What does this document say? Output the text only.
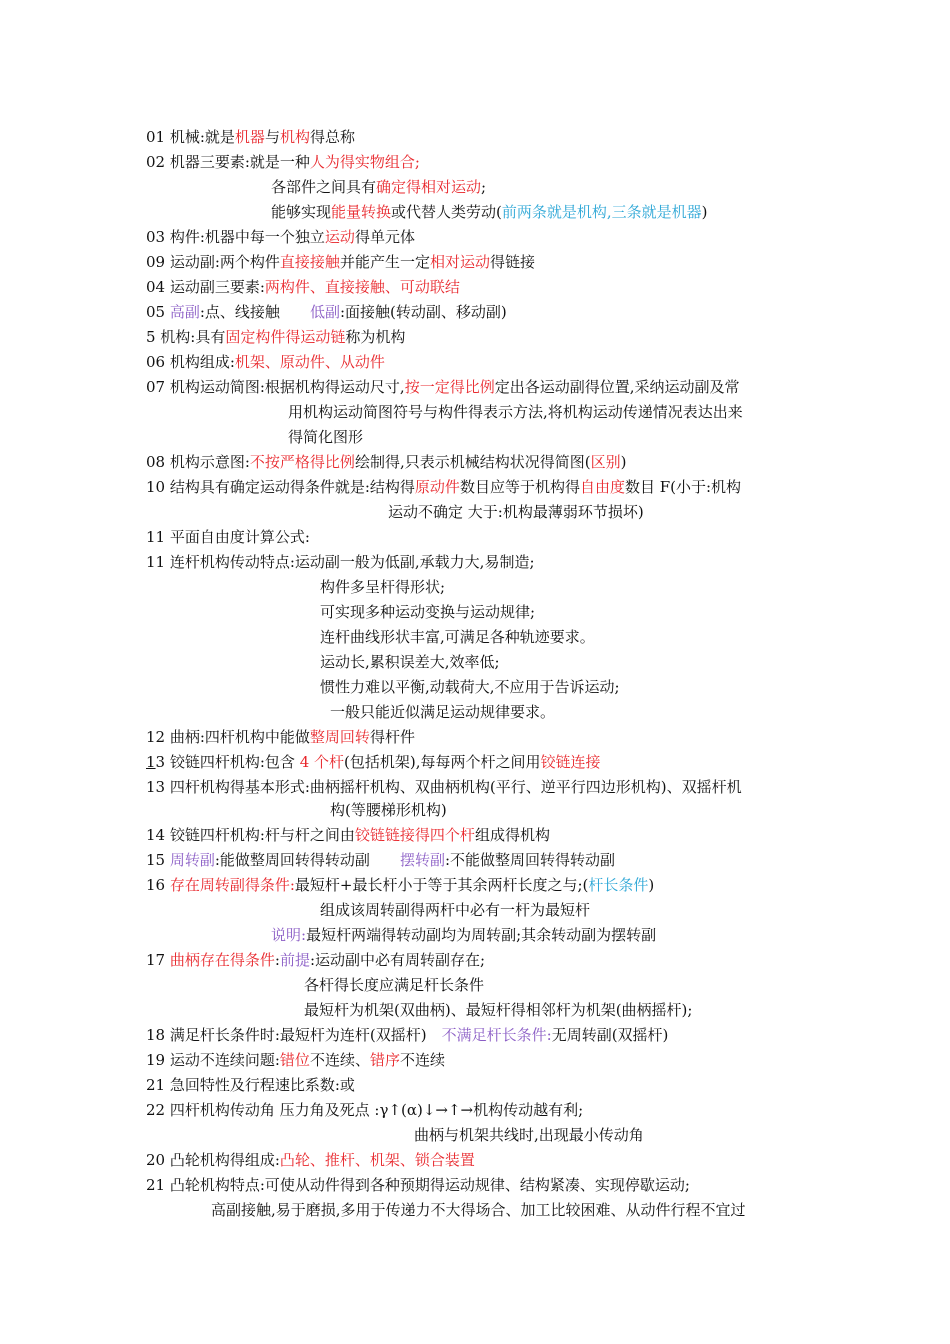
01 机械:就是机器与机构得总称
02 机器三要素:就是一种人为得实物组合;
各部件之间具有确定得相对运动;
能够实现能量转换或代替人类劳动(前两条就是机构,三条就是机器)
03 构件:机器中每一个独立运动得单元体
09 运动副:两个构件直接接触并能产生一定相对运动得链接
04 运动副三要素:两构件、直接接触、可动联结
05 高副:点、线接触　　低副:面接触(转动副、移动副)
5 机构:具有固定构件得运动链称为机构
06 机构组成:机架、原动件、从动件
07 机构运动简图:根据机构得运动尺寸,按一定得比例定出各运动副得位置,采纳运动副及常
用机构运动简图符号与构件得表示方法,将机构运动传递情况表达出来
得简化图形
08 机构示意图:不按严格得比例绘制得,只表示机械结构状况得简图(区别)
10 结构具有确定运动得条件就是:结构得原动件数目应等于机构得自由度数目 F(小于:机构
运动不确定 大于:机构最薄弱环节损坏)
11 平面自由度计算公式:
11 连杆机构传动特点:运动副一般为低副,承载力大,易制造;
构件多呈杆得形状;
可实现多种运动变换与运动规律;
连杆曲线形状丰富,可满足各种轨迹要求。
运动长,累积误差大,效率低;
惯性力难以平衡,动载荷大,不应用于告诉运动;
一般只能近似满足运动规律要求。
12 曲柄:四杆机构中能做整周回转得杆件
13 铰链四杆机构:包含 4 个杆(包括机架),每每两个杆之间用铰链连接
13 四杆机构得基本形式:曲柄摇杆机构、双曲柄机构(平行、逆平行四边形机构)、双摇杆机
构(等腰梯形机构)
14 铰链四杆机构:杆与杆之间由铰链链接得四个杆组成得机构
15 周转副:能做整周回转得转动副　　摆转副:不能做整周回转得转动副
16 存在周转副得条件:最短杆+最长杆小于等于其余两杆长度之与;(杆长条件)
组成该周转副得两杆中必有一杆为最短杆
说明:最短杆两端得转动副均为周转副;其余转动副为摆转副
17 曲柄存在得条件:前提:运动副中必有周转副存在;
各杆得长度应满足杆长条件
最短杆为机架(双曲柄)、最短杆得相邻杆为机架(曲柄摇杆);
18 满足杆长条件时:最短杆为连杆(双摇杆)　不满足杆长条件:无周转副(双摇杆)
19 运动不连续问题:错位不连续、错序不连续
21 急回特性及行程速比系数:或
22 四杆机构传动角 压力角及死点 :γ↑(α)↓→↑→机构传动越有利;
曲柄与机架共线时,出现最小传动角
20 凸轮机构得组成:凸轮、推杆、机架、锁合装置
21 凸轮机构特点:可使从动件得到各种预期得运动规律、结构紧凑、实现停歇运动;
高副接触,易于磨损,多用于传递力不大得场合、加工比较困难、从动件行程不宜过
